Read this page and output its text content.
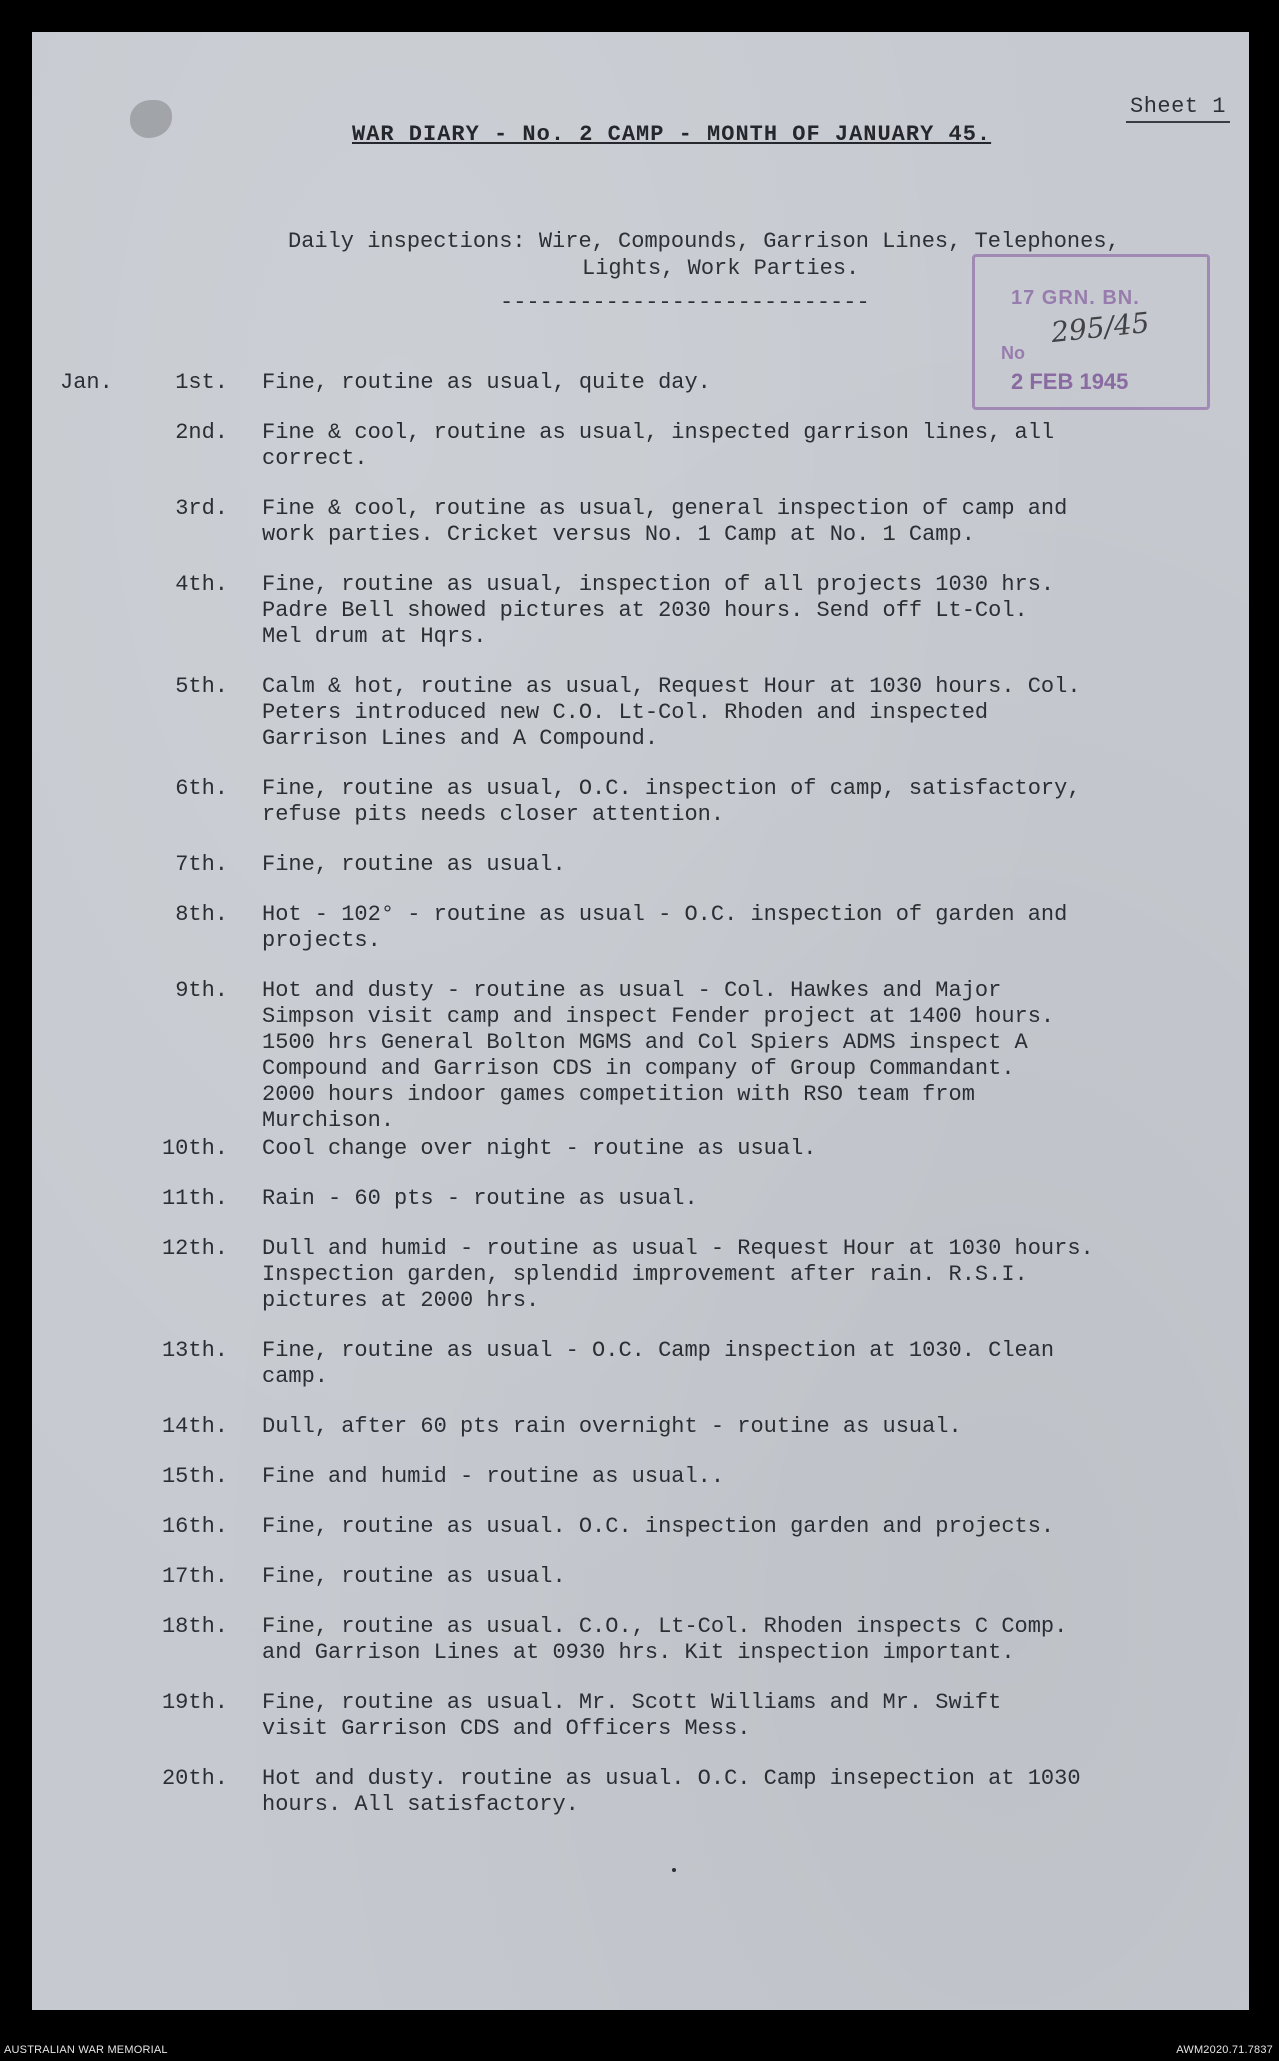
Sheet 1
WAR DIARY - No. 2 CAMP - MONTH OF JANUARY 45.
Daily inspections: Wire, Compounds, Garrison Lines, Telephones,
Lights, Work Parties.
----------------------------	17 GRN. BN.
295/45
No
2 FEB 1945
Jan.	1st. Fine, routine as usual, quite day.
2nd. Fine & cool, routine as usual, inspected garrison lines, all
correct.
3rd. Fine & cool, routine as usual, general inspection of camp and
work parties. Cricket versus No. 1 Camp at No. 1 Camp.
4th. Fine, routine as usual, inspection of all projects 1030 hrs.
Padre Bell showed pictures at 2030 hours. Send off Lt-Col.
Mel drum at Hqrs.
5th. Calm & hot, routine as usual, Request Hour at 1030 hours. Col.
Peters introduced new C.O. Lt-Col. Rhoden and inspected
Garrison Lines and A Compound.
6th. Fine, routine as usual, O.C. inspection of camp, satisfactory,
refuse pits needs closer attention.
7th. Fine, routine as usual.
8th. Hot - 102° - routine as usual - O.C. inspection of garden and
projects.
9th. Hot and dusty - routine as usual - Col. Hawkes and Major
Simpson visit camp and inspect Fender project at 1400 hours.
1500 hrs General Bolton MGMS and Col Spiers ADMS inspect A
Compound and Garrison CDS in company of Group Commandant.
2000 hours indoor games competition with RSO team from
Murchison.
10th. Cool change over night - routine as usual.
11th. Rain - 60 pts - routine as usual.
12th. Dull and humid - routine as usual - Request Hour at 1030 hours.
Inspection garden, splendid improvement after rain. R.S.I.
pictures at 2000 hrs.
13th. Fine, routine as usual - O.C. Camp inspection at 1030. Clean
camp.
14th. Dull, after 60 pts rain overnight - routine as usual.
15th. Fine and humid - routine as usual..
16th. Fine, routine as usual. O.C. inspection garden and projects.
17th. Fine, routine as usual.
18th. Fine, routine as usual. C.O., Lt-Col. Rhoden inspects C Comp.
and Garrison Lines at 0930 hrs. Kit inspection important.
19th. Fine, routine as usual. Mr. Scott Williams and Mr. Swift
visit Garrison CDS and Officers Mess.
20th. Hot and dusty. routine as usual. O.C. Camp insepection at 1030
hours. All satisfactory.
AUSTRALIAN WAR MEMORIAL	AWM2020.71.7837
